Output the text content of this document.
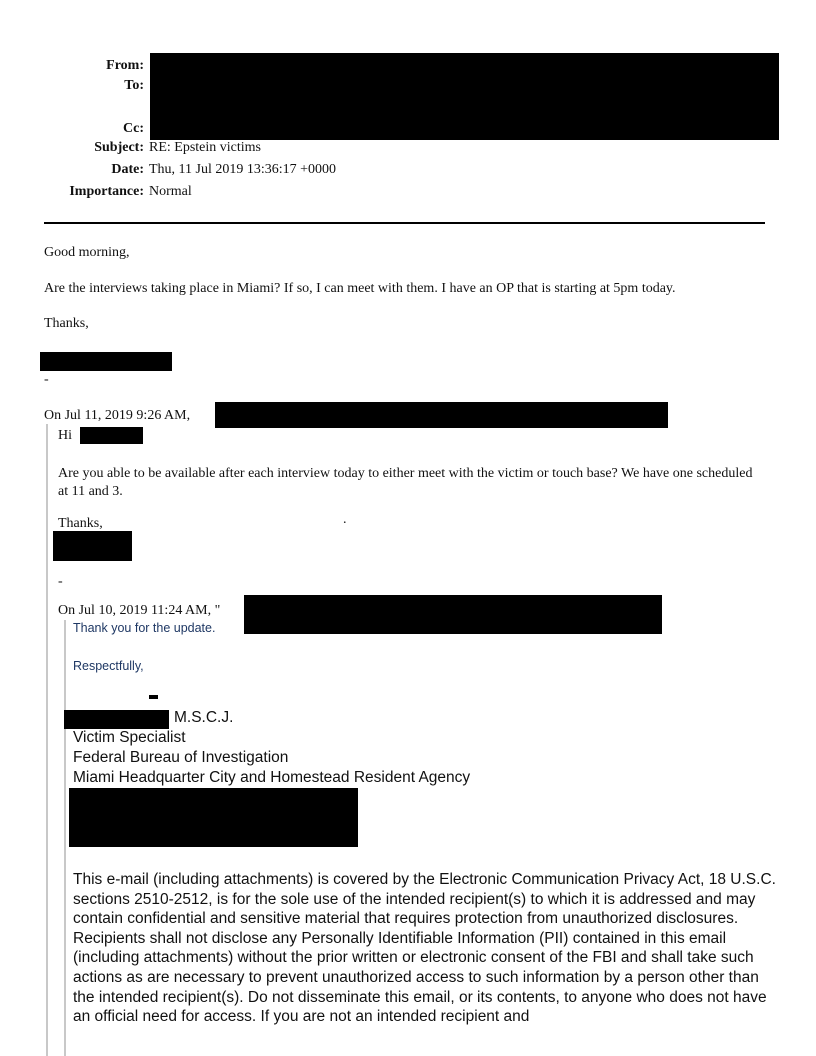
From:
To:
Cc:
Subject: RE: Epstein victims
Date: Thu, 11 Jul 2019 13:36:17 +0000
Importance: Normal
Good morning,
Are the interviews taking place in Miami? If so, I can meet with them. I have an OP that is starting at 5pm today.
Thanks,
-
On Jul 11, 2019 9:26 AM,
Hi
Are you able to be available after each interview today to either meet with the victim or touch base? We have one scheduled at 11 and 3.
Thanks,	.
-
On Jul 10, 2019 11:24 AM, "
Thank you for the update.
Respectfully,
M.S.C.J.
Victim Specialist
Federal Bureau of Investigation
Miami Headquarter City and Homestead Resident Agency
This e-mail (including attachments) is covered by the Electronic Communication Privacy Act, 18 U.S.C. sections 2510-2512, is for the sole use of the intended recipient(s) to which it is addressed and may contain confidential and sensitive material that requires protection from unauthorized disclosures. Recipients shall not disclose any Personally Identifiable Information (PII) contained in this email (including attachments) without the prior written or electronic consent of the FBI and shall take such actions as are necessary to prevent unauthorized access to such information by a person other than the intended recipient(s). Do not disseminate this email, or its contents, to anyone who does not have an official need for access. If you are not an intended recipient and
